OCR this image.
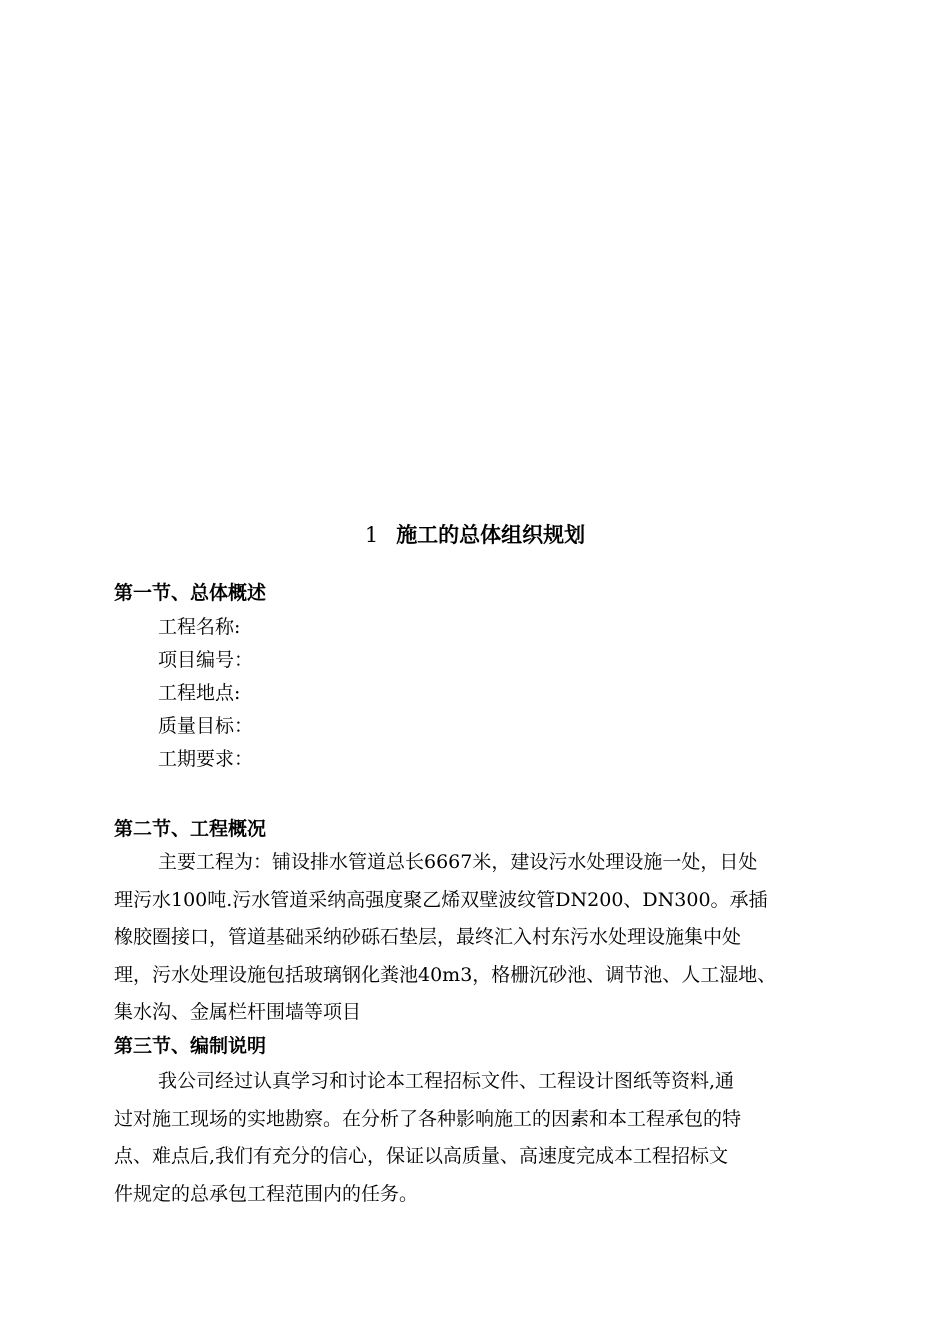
1 施工的总体组织规划
第一节、总体概述
工程名称:
项目编号：
工程地点:
质量目标：
工期要求：
第二节、工程概况
主要工程为：铺设排水管道总长6667米，建设污水处理设施一处，日处
理污水100吨.污水管道采纳高强度聚乙烯双壁波纹管DN200、DN300。承插
橡胶圈接口，管道基础采纳砂砾石垫层，最终汇入村东污水处理设施集中处
理，污水处理设施包括玻璃钢化粪池40m3，格栅沉砂池、调节池、人工湿地、
集水沟、金属栏杆围墙等项目
第三节、编制说明
我公司经过认真学习和讨论本工程招标文件、工程设计图纸等资料,通
过对施工现场的实地勘察。在分析了各种影响施工的因素和本工程承包的特
点、难点后,我们有充分的信心，保证以高质量、高速度完成本工程招标文
件规定的总承包工程范围内的任务。
